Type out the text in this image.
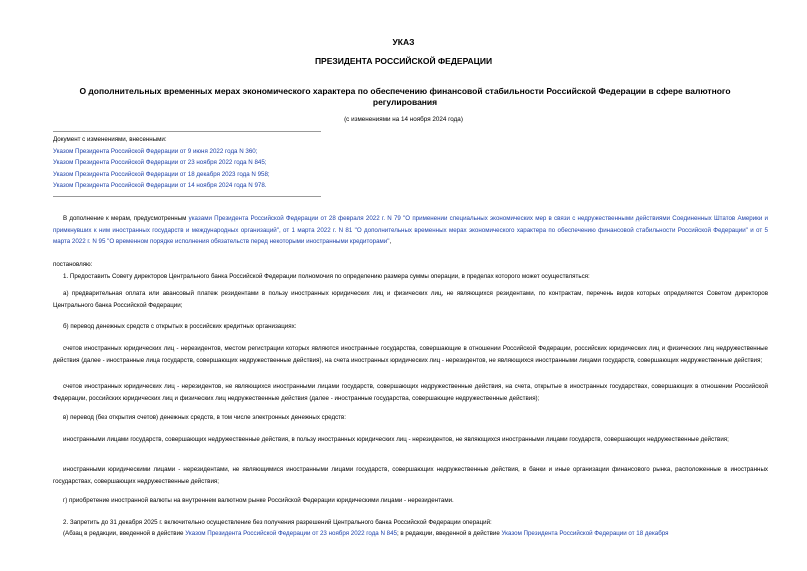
УКАЗ
ПРЕЗИДЕНТА РОССИЙСКОЙ ФЕДЕРАЦИИ
О дополнительных временных мерах экономического характера по обеспечению финансовой стабильности Российской Федерации в сфере валютного регулирования
(с изменениями на 14 ноября 2024 года)
Документ с изменениями, внесенными:
Указом Президента Российской Федерации от 9 июня 2022 года N 360;
Указом Президента Российской Федерации от 23 ноября 2022 года N 845;
Указом Президента Российской Федерации от 18 декабря 2023 года N 958;
Указом Президента Российской Федерации от 14 ноября 2024 года N 978.
В дополнение к мерам, предусмотренным указами Президента Российской Федерации от 28 февраля 2022 г. N 79 "О применении специальных экономических мер в связи с недружественными действиями Соединенных Штатов Америки и примкнувших к ним иностранных государств и международных организаций", от 1 марта 2022 г. N 81 "О дополнительных временных мерах экономического характера по обеспечению финансовой стабильности Российской Федерации" и от 5 марта 2022 г. N 95 "О временном порядке исполнения обязательств перед некоторыми иностранными кредиторами",
постановляю:
1. Предоставить Совету директоров Центрального банка Российской Федерации полномочия по определению размера суммы операции, в пределах которого может осуществляться:
а) предварительная оплата или авансовый платеж резидентами в пользу иностранных юридических лиц и физических лиц, не являющихся резидентами, по контрактам, перечень видов которых определяется Советом директоров Центрального банка Российской Федерации;
б) перевод денежных средств с открытых в российских кредитных организациях:
счетов иностранных юридических лиц - нерезидентов, местом регистрации которых являются иностранные государства, совершающие в отношении Российской Федерации, российских юридических лиц и физических лиц недружественные действия (далее - иностранные лица государств, совершающих недружественные действия), на счета иностранных юридических лиц - нерезидентов, не являющихся иностранными лицами государств, совершающих недружественные действия;
счетов иностранных юридических лиц - нерезидентов, не являющихся иностранными лицами государств, совершающих недружественные действия, на счета, открытые в иностранных государствах, совершающих в отношении Российской Федерации, российских юридических лиц и физических лиц недружественные действия (далее - иностранные государства, совершающие недружественные действия);
в) перевод (без открытия счетов) денежных средств, в том числе электронных денежных средств:
иностранными лицами государств, совершающих недружественные действия, в пользу иностранных юридических лиц - нерезидентов, не являющихся иностранными лицами государств, совершающих недружественные действия;
иностранными юридическими лицами - нерезидентами, не являющимися иностранными лицами государств, совершающих недружественные действия, в банки и иные организации финансового рынка, расположенные в иностранных государствах, совершающих недружественные действия;
г) приобретение иностранной валюты на внутреннем валютном рынке Российской Федерации юридическими лицами - нерезидентами.
2. Запретить до 31 декабря 2025 г. включительно осуществление без получения разрешений Центрального банка Российской Федерации операций:
(Абзац в редакции, введенной в действие Указом Президента Российской Федерации от 23 ноября 2022 года N 845; в редакции, введенной в действие Указом Президента Российской Федерации от 18 декабря
